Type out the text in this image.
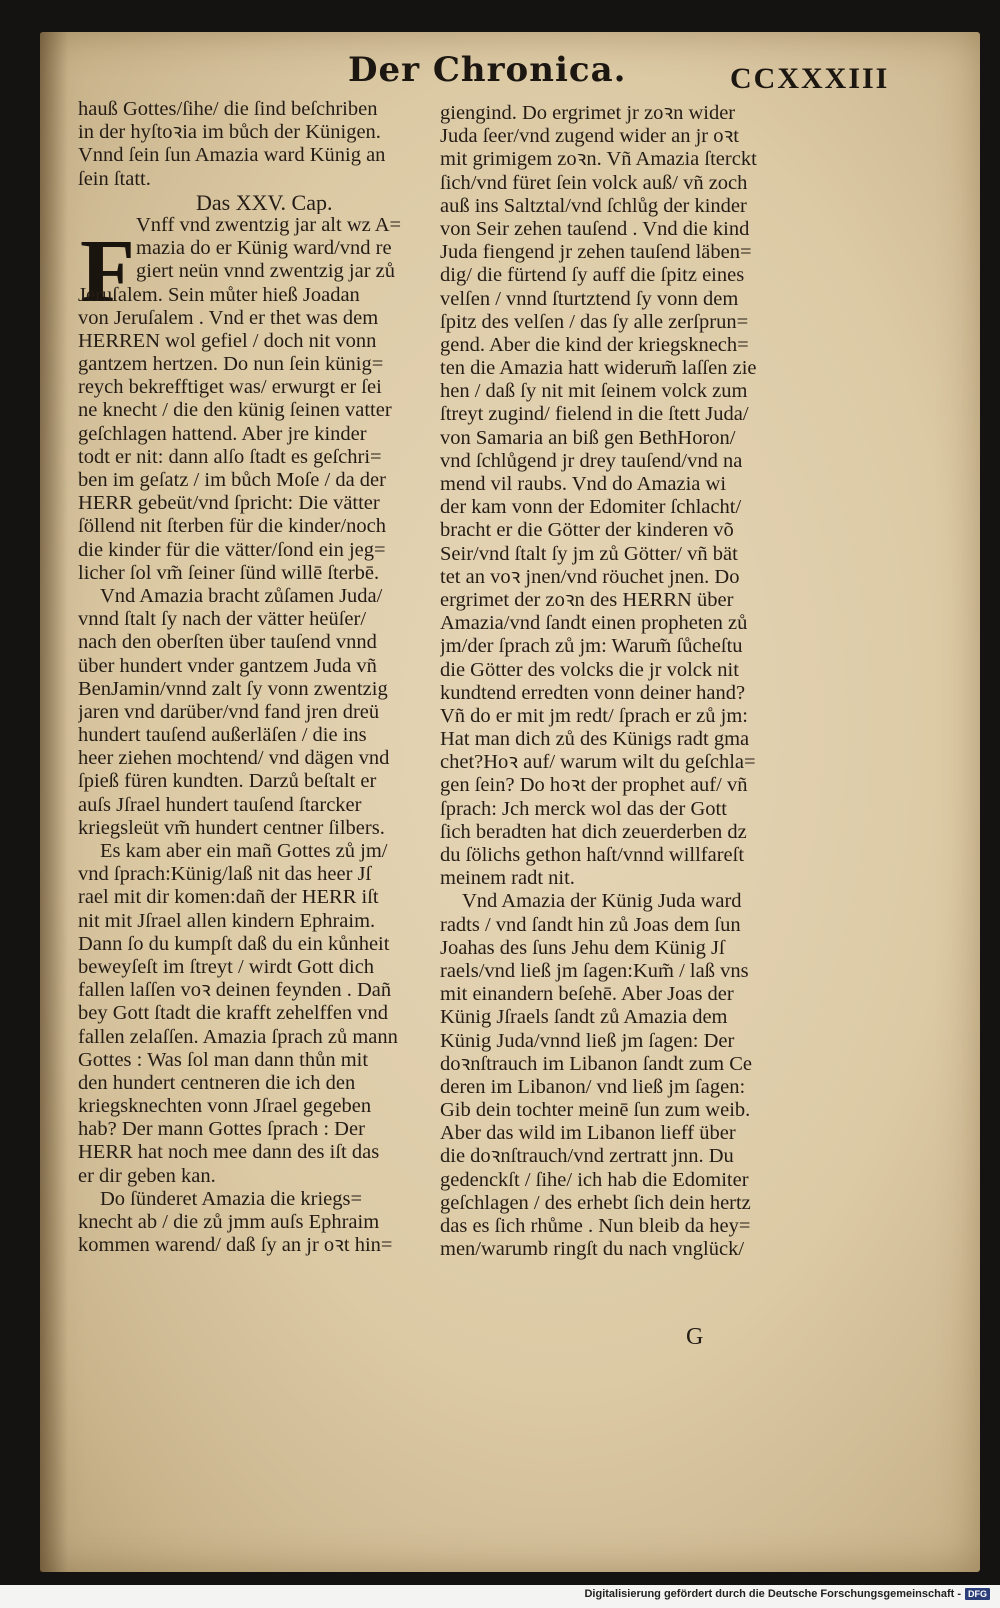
Der Chronica.	CCXXXIII
F
hauß Gottes/ſihe/ die ſind beſchriben
in der hyſtoꝛia im bůch der Künigen.
Vnnd ſein ſun Amazia ward Künig an
ſein ſtatt.
Das XXV. Cap.
Vnff vnd zwentzig jar alt wz A=
mazia do er Künig ward/vnd re
giert neün vnnd zwentzig jar zů
Jeruſalem. Sein můter hieß Joadan
von Jeruſalem . Vnd er thet was dem
HERREN wol gefiel / doch nit vonn
gantzem hertzen. Do nun ſein künig=
reych bekrefftiget was/ erwurgt er ſei
ne knecht / die den künig ſeinen vatter
geſchlagen hattend. Aber jre kinder
todt er nit: dann alſo ſtadt es geſchri=
ben im geſatz / im bůch Moſe / da der
HERR gebeüt/vnd ſpricht: Die vätter
ſöllend nit ſterben für die kinder/noch
die kinder für die vätter/ſond ein jeg=
licher ſol vm̃ ſeiner ſünd willē ſterbē.
Vnd Amazia bracht zůſamen Juda/
vnnd ſtalt ſy nach der vätter heüſer/
nach den oberſten über tauſend vnnd
über hundert vnder gantzem Juda vñ
BenJamin/vnnd zalt ſy vonn zwentzig
jaren vnd darüber/vnd fand jren dreü
hundert tauſend außerläſen / die ins
heer ziehen mochtend/ vnd dägen vnd
ſpieß füren kundten. Darzů beſtalt er
auſs Jſrael hundert tauſend ſtarcker
kriegsleüt vm̃ hundert centner ſilbers.
Es kam aber ein mañ Gottes zů jm/
vnd ſprach:Künig/laß nit das heer Jſ
rael mit dir komen:dañ der HERR iſt
nit mit Jſrael allen kindern Ephraim.
Dann ſo du kumpſt daß du ein kůnheit
beweyſeſt im ſtreyt / wirdt Gott dich
fallen laſſen voꝛ deinen feynden . Dañ
bey Gott ſtadt die krafft zehelffen vnd
fallen zelaſſen. Amazia ſprach zů mann
Gottes : Was ſol man dann thůn mit
den hundert centneren die ich den
kriegsknechten vonn Jſrael gegeben
hab? Der mann Gottes ſprach : Der
HERR hat noch mee dann des iſt das
er dir geben kan.
Do ſünderet Amazia die kriegs=
knecht ab / die zů jmm auſs Ephraim
kommen warend/ daß ſy an jr oꝛt hin=
giengind. Do ergrimet jr zoꝛn wider
Juda ſeer/vnd zugend wider an jr oꝛt
mit grimigem zoꝛn. Vñ Amazia ſterckt
ſich/vnd füret ſein volck auß/ vñ zoch
auß ins Saltztal/vnd ſchlůg der kinder
von Seir zehen tauſend . Vnd die kind
Juda fiengend jr zehen tauſend läben=
dig/ die fürtend ſy auff die ſpitz eines
velſen / vnnd ſturtztend ſy vonn dem
ſpitz des velſen / das ſy alle zerſprun=
gend. Aber die kind der kriegsknech=
ten die Amazia hatt widerum̃ laſſen zie
hen / daß ſy nit mit ſeinem volck zum
ſtreyt zugind/ fielend in die ſtett Juda/
von Samaria an biß gen BethHoron/
vnd ſchlůgend jr drey tauſend/vnd na
mend vil raubs. Vnd do Amazia wi
der kam vonn der Edomiter ſchlacht/
bracht er die Götter der kinderen võ
Seir/vnd ſtalt ſy jm zů Götter/ vñ bät
tet an voꝛ jnen/vnd röuchet jnen. Do
ergrimet der zoꝛn des HERRN über
Amazia/vnd ſandt einen propheten zů
jm/der ſprach zů jm: Warum̃ ſůcheſtu
die Götter des volcks die jr volck nit
kundtend erredten vonn deiner hand?
Vñ do er mit jm redt/ ſprach er zů jm:
Hat man dich zů des Künigs radt gma
chet?Hoꝛ auf/ warum wilt du geſchla=
gen ſein? Do hoꝛt der prophet auf/ vñ
ſprach: Jch merck wol das der Gott
ſich beradten hat dich zeuerderben dz
du ſölichs gethon haſt/vnnd willfareſt
meinem radt nit.
Vnd Amazia der Künig Juda ward
radts / vnd ſandt hin zů Joas dem ſun
Joahas des ſuns Jehu dem Künig Jſ
raels/vnd ließ jm ſagen:Kum̃ / laß vns
mit einandern beſehē. Aber Joas der
Künig Jſraels ſandt zů Amazia dem
Künig Juda/vnnd ließ jm ſagen: Der
doꝛnſtrauch im Libanon ſandt zum Ce
deren im Libanon/ vnd ließ jm ſagen:
Gib dein tochter meinē ſun zum weib.
Aber das wild im Libanon lieff über
die doꝛnſtrauch/vnd zertratt jnn. Du
gedenckſt / ſihe/ ich hab die Edomiter
geſchlagen / des erhebt ſich dein hertz
das es ſich rhůme . Nun bleib da hey=
men/warumb ringſt du nach vnglück/
G
Digitalisierung gefördert durch die Deutsche Forschungsgemeinschaft - DFG
